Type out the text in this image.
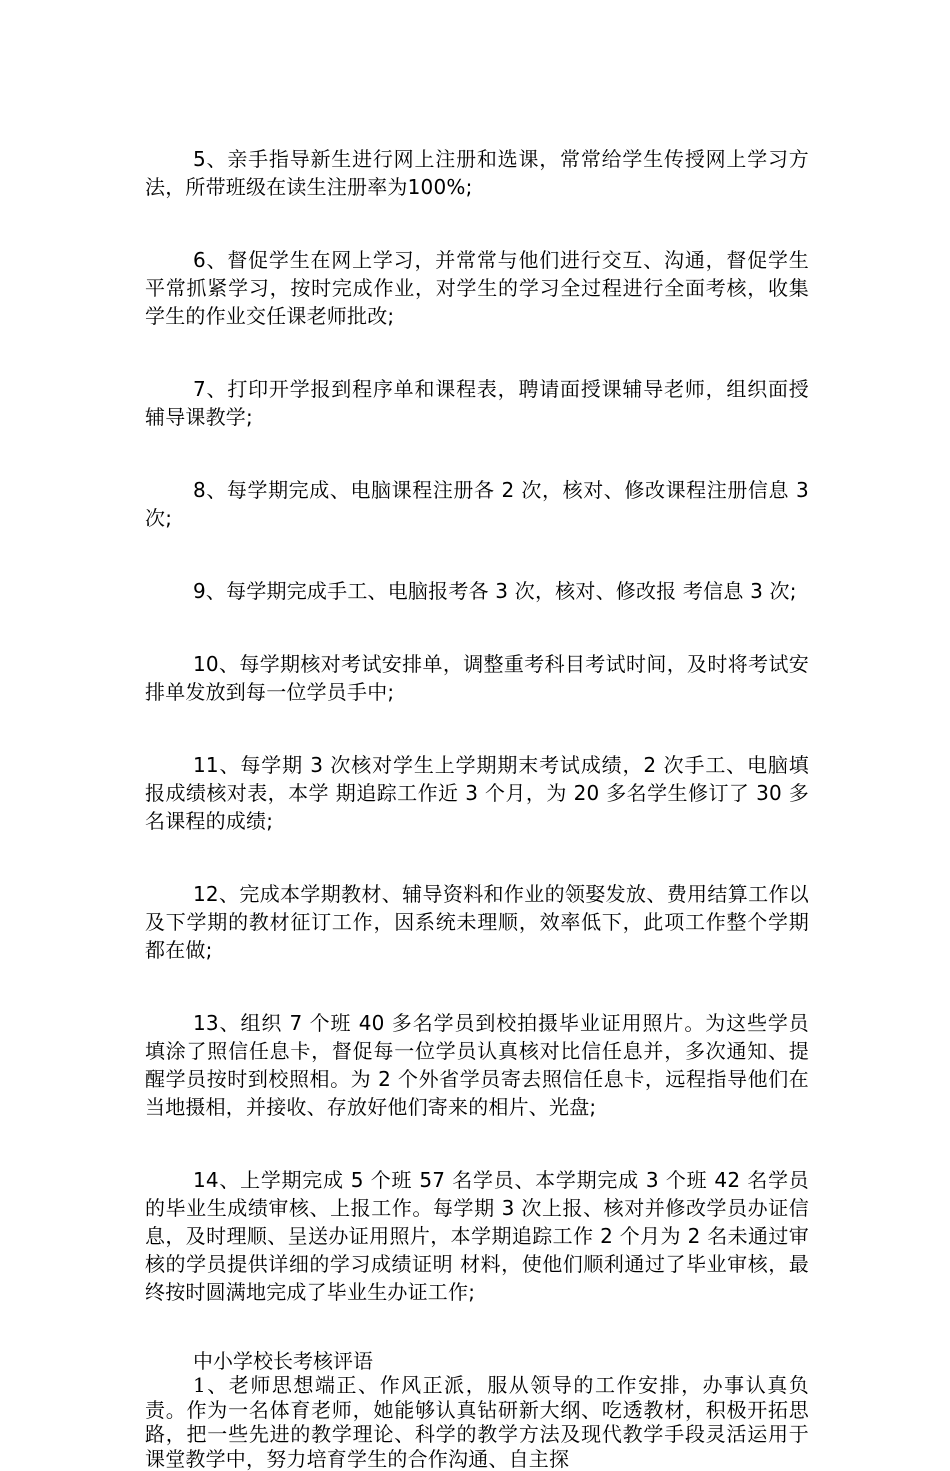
5、亲手指导新生进行网上注册和选课，常常给学生传授网上学习方法，所带班级在读生注册率为100%;

6、督促学生在网上学习，并常常与他们进行交互、沟通，督促学生平常抓紧学习，按时完成作业，对学生的学习全过程进行全面考核，收集学生的作业交任课老师批改;

7、打印开学报到程序单和课程表，聘请面授课辅导老师，组织面授辅导课教学;

8、每学期完成、电脑课程注册各 2 次，核对、修改课程注册信息 3 次;

9、每学期完成手工、电脑报考各 3 次，核对、修改报 考信息 3 次;

10、每学期核对考试安排单，调整重考科目考试时间，及时将考试安排单发放到每一位学员手中;

11、每学期 3 次核对学生上学期期末考试成绩，2 次手工、电脑填报成绩核对表，本学 期追踪工作近 3 个月，为 20 多名学生修订了 30 多名课程的成绩;

12、完成本学期教材、辅导资料和作业的领娶发放、费用结算工作以及下学期的教材征订工作，因系统未理顺，效率低下，此项工作整个学期都在做;

13、组织 7 个班 40 多名学员到校拍摄毕业证用照片。为这些学员填涂了照信任息卡，督促每一位学员认真核对比信任息并，多次通知、提醒学员按时到校照相。为 2 个外省学员寄去照信任息卡，远程指导他们在当地摄相，并接收、存放好他们寄来的相片、光盘;

14、上学期完成 5 个班 57 名学员、本学期完成 3 个班 42 名学员的毕业生成绩审核、上报工作。每学期 3 次上报、核对并修改学员办证信息，及时理顺、呈送办证用照片，本学期追踪工作 2 个月为 2 名未通过审核的学员提供详细的学习成绩证明 材料，使他们顺利通过了毕业审核，最终按时圆满地完成了毕业生办证工作;

中小学校长考核评语

1、老师思想端正、作风正派，服从领导的工作安排，办事认真负责。作为一名体育老师，她能够认真钻研新大纲、吃透教材，积极开拓思路，把一些先进的教学理论、科学的教学方法及现代教学手段灵活运用于课堂教学中，努力培育学生的合作沟通、自主探
